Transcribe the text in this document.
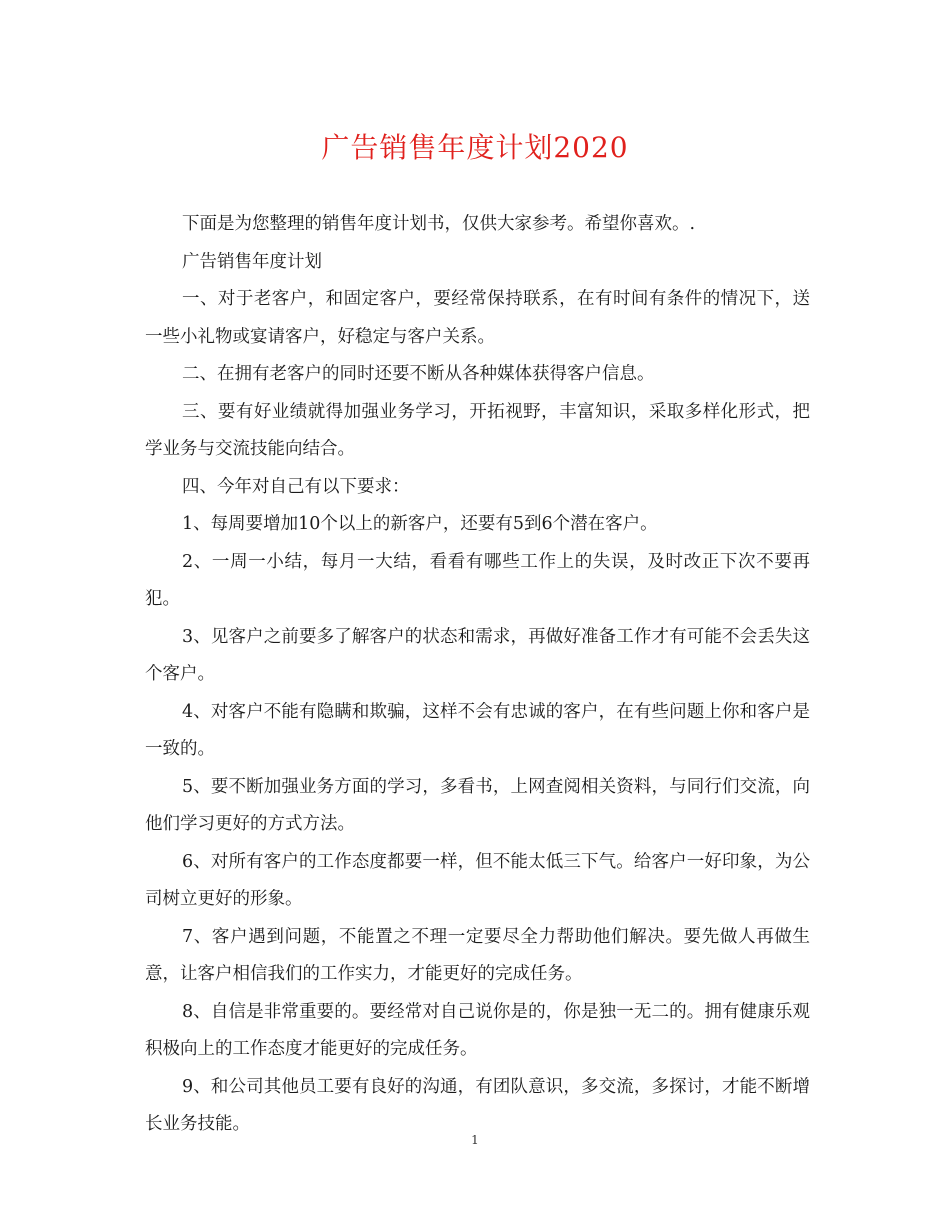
广告销售年度计划2020

下面是为您整理的销售年度计划书，仅供大家参考。希望你喜欢。.

广告销售年度计划

一、对于老客户，和固定客户，要经常保持联系，在有时间有条件的情况下，送一些小礼物或宴请客户，好稳定与客户关系。

二、在拥有老客户的同时还要不断从各种媒体获得客户信息。

三、要有好业绩就得加强业务学习，开拓视野，丰富知识，采取多样化形式，把学业务与交流技能向结合。

四、今年对自己有以下要求：

1、每周要增加10个以上的新客户，还要有5到6个潜在客户。

2、一周一小结，每月一大结，看看有哪些工作上的失误，及时改正下次不要再犯。

3、见客户之前要多了解客户的状态和需求，再做好准备工作才有可能不会丢失这个客户。

4、对客户不能有隐瞒和欺骗，这样不会有忠诚的客户，在有些问题上你和客户是一致的。

5、要不断加强业务方面的学习，多看书，上网查阅相关资料，与同行们交流，向他们学习更好的方式方法。

6、对所有客户的工作态度都要一样，但不能太低三下气。给客户一好印象，为公司树立更好的形象。

7、客户遇到问题，不能置之不理一定要尽全力帮助他们解决。要先做人再做生意，让客户相信我们的工作实力，才能更好的完成任务。

8、自信是非常重要的。要经常对自己说你是的，你是独一无二的。拥有健康乐观积极向上的工作态度才能更好的完成任务。

9、和公司其他员工要有良好的沟通，有团队意识，多交流，多探讨，才能不断增长业务技能。

1
